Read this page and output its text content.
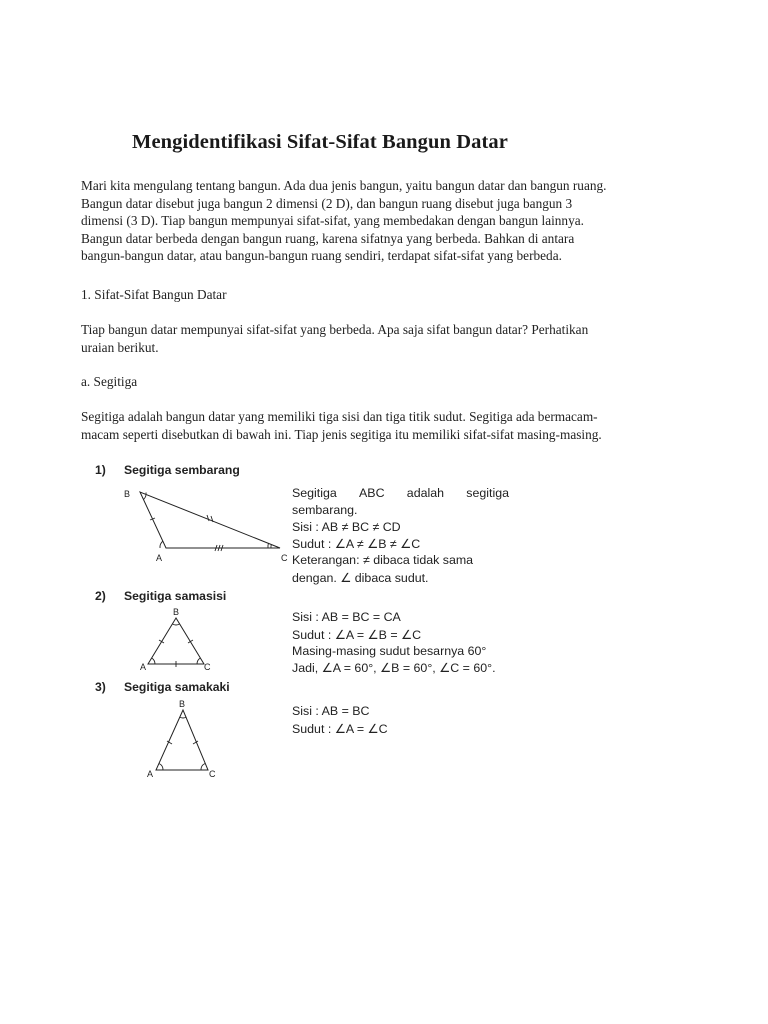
Mengidentifikasi Sifat-Sifat Bangun Datar
Mari kita mengulang tentang bangun. Ada dua jenis bangun, yaitu bangun datar dan bangun ruang.
Bangun datar disebut juga bangun 2 dimensi (2 D), dan bangun ruang disebut juga bangun 3
dimensi (3 D). Tiap bangun mempunyai sifat-sifat, yang membedakan dengan bangun lainnya.
Bangun datar berbeda dengan bangun ruang, karena sifatnya yang berbeda. Bahkan di antara
bangun-bangun datar, atau bangun-bangun ruang sendiri, terdapat sifat-sifat yang berbeda.
1. Sifat-Sifat Bangun Datar
Tiap bangun datar mempunyai sifat-sifat yang berbeda. Apa saja sifat bangun datar? Perhatikan
uraian berikut.
a. Segitiga
Segitiga adalah bangun datar yang memiliki tiga sisi dan tiga titik sudut. Segitiga ada bermacam-
macam seperti disebutkan di bawah ini. Tiap jenis segitiga itu memiliki sifat-sifat masing-masing.
1) Segitiga sembarang
B
A	C
Segitiga ABC adalah segitiga
sembarang.
Sisi : AB ≠ BC ≠ CD
Sudut : ∠A ≠ ∠B ≠ ∠C
Keterangan: ≠ dibaca tidak sama
dengan. ∠ dibaca sudut.
2) Segitiga samasisi
B
A	C
Sisi : AB = BC = CA
Sudut : ∠A = ∠B = ∠C
Masing-masing sudut besarnya 60°
Jadi, ∠A = 60°, ∠B = 60°, ∠C = 60°.
3) Segitiga samakaki
B
A	C
Sisi : AB = BC
Sudut : ∠A = ∠C
